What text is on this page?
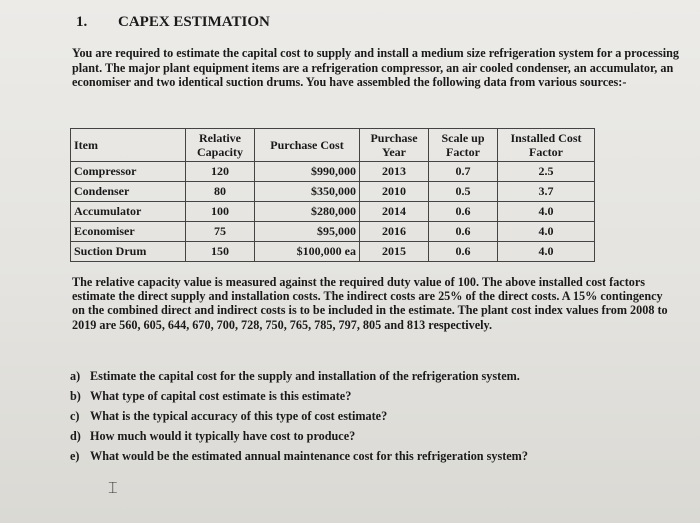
1. CAPEX ESTIMATION
You are required to estimate the capital cost to supply and install a medium size refrigeration system for a processing plant. The major plant equipment items are a refrigeration compressor, an air cooled condenser, an accumulator, an economiser and two identical suction drums. You have assembled the following data from various sources:-
Item	Relative Capacity	Purchase Cost	Purchase Year	Scale up Factor	Installed Cost Factor
Compressor	120	$990,000	2013	0.7	2.5
Condenser	80	$350,000	2010	0.5	3.7
Accumulator	100	$280,000	2014	0.6	4.0
Economiser	75	$95,000	2016	0.6	4.0
Suction Drum	150	$100,000 ea	2015	0.6	4.0
The relative capacity value is measured against the required duty value of 100. The above installed cost factors estimate the direct supply and installation costs. The indirect costs are 25% of the direct costs. A 15% contingency on the combined direct and indirect costs is to be included in the estimate. The plant cost index values from 2008 to 2019 are 560, 605, 644, 670, 700, 728, 750, 765, 785, 797, 805 and 813 respectively.
a) Estimate the capital cost for the supply and installation of the refrigeration system.
b) What type of capital cost estimate is this estimate?
c) What is the typical accuracy of this type of cost estimate?
d) How much would it typically have cost to produce?
e) What would be the estimated annual maintenance cost for this refrigeration system?
⌶
